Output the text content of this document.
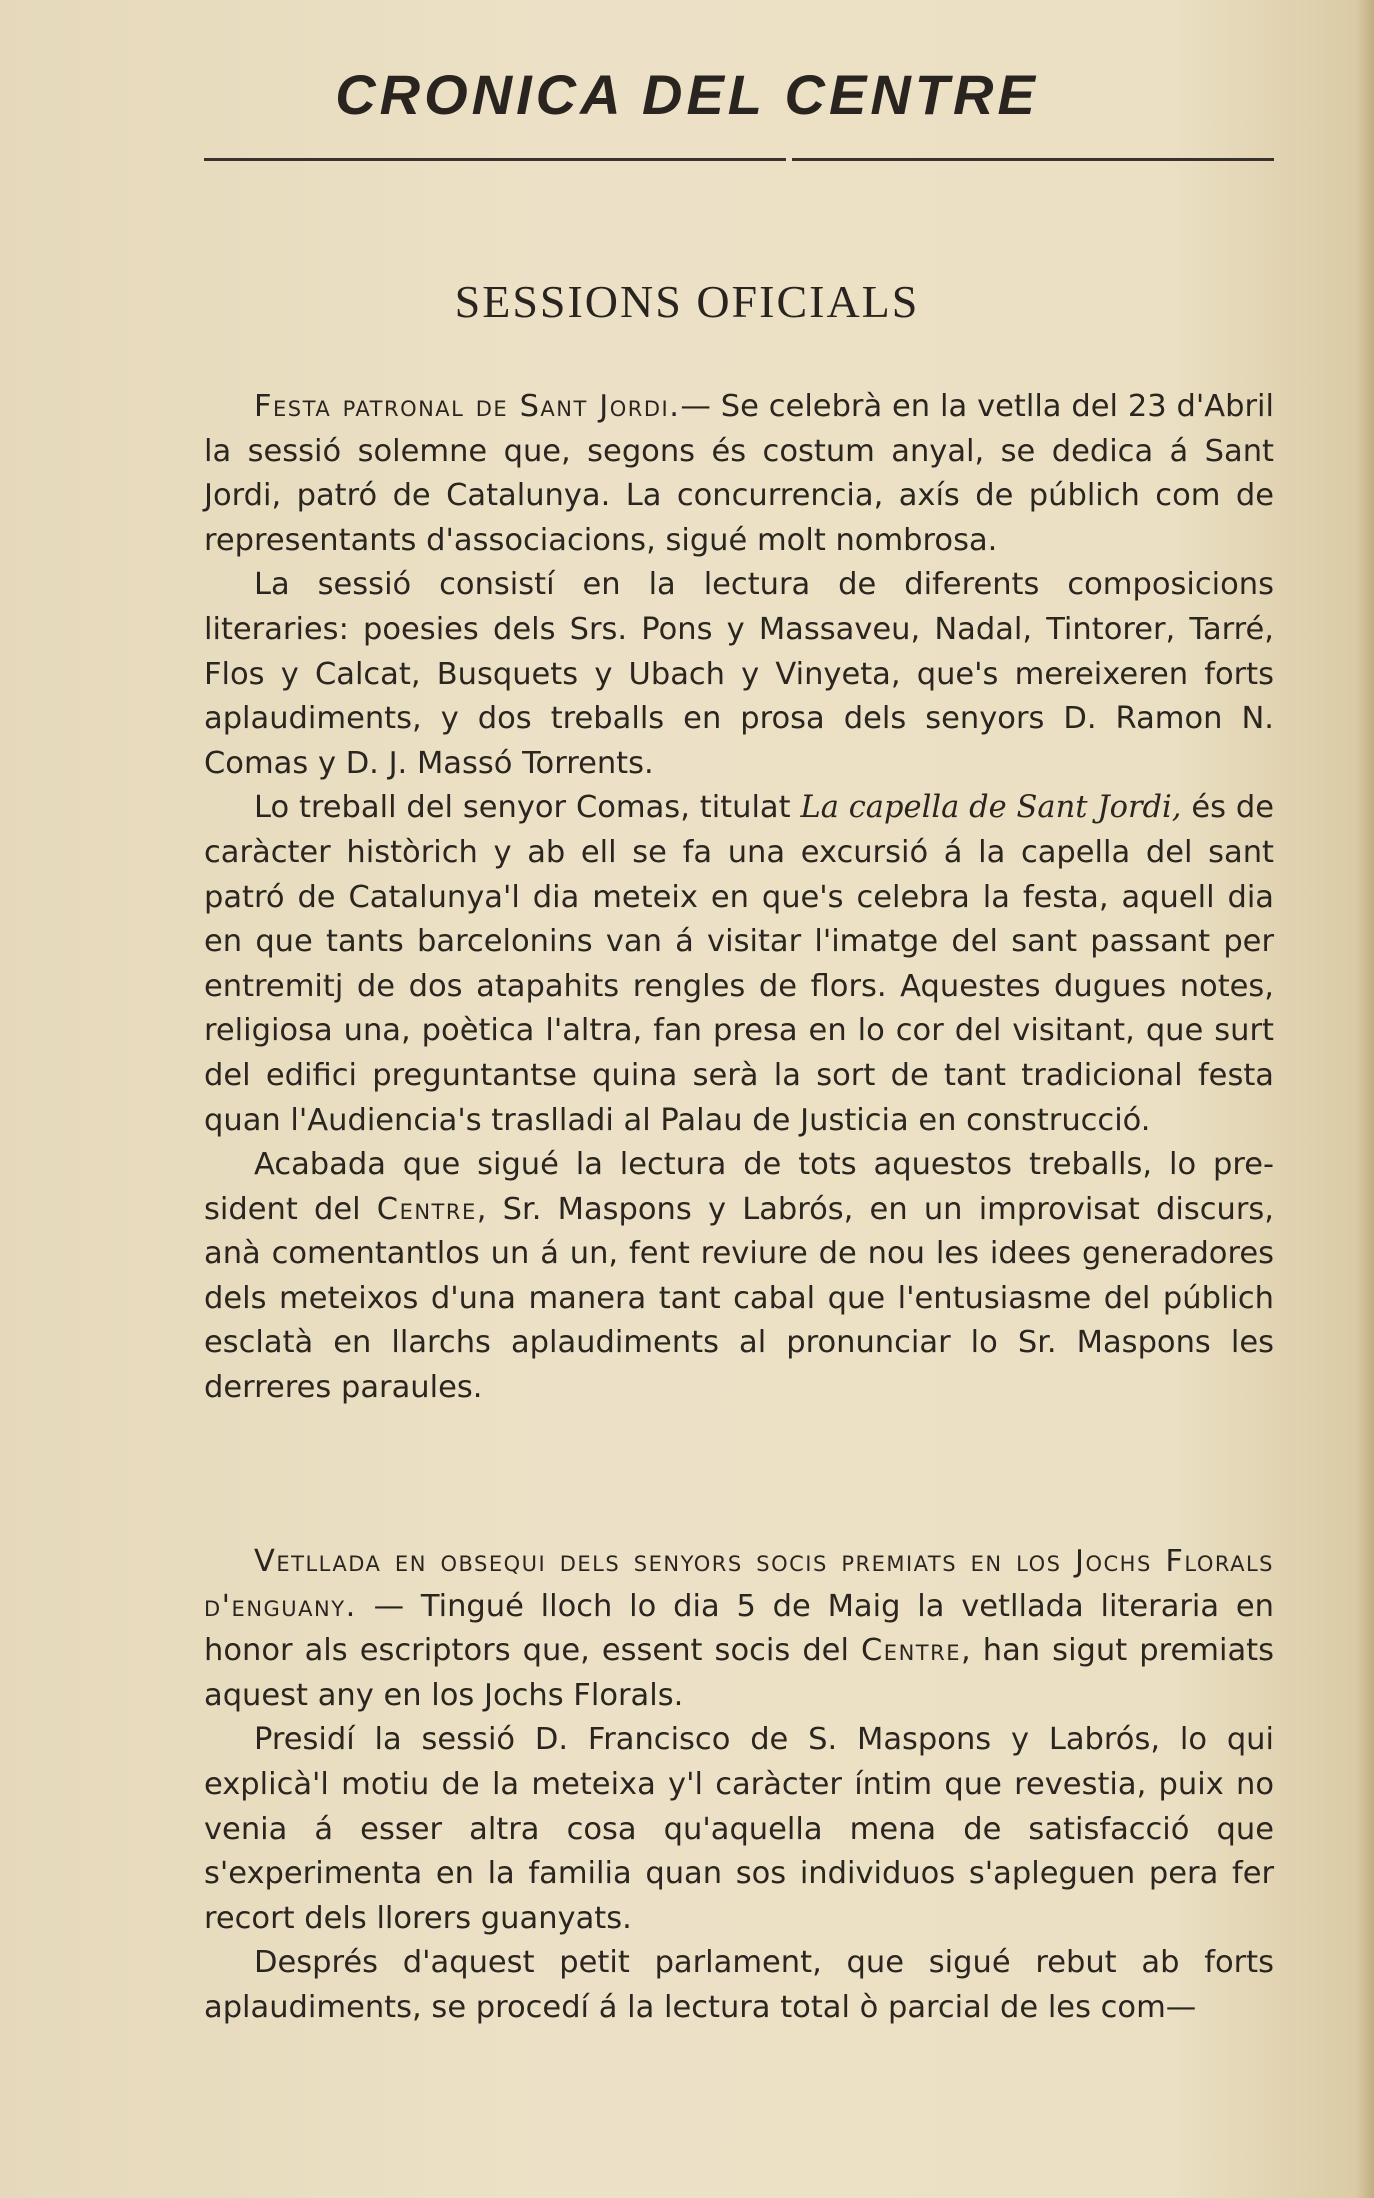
CRONICA DEL CENTRE
SESSIONS OFICIALS

Festa patronal de Sant Jordi.— Se celebrà en la vetlla del 23 d'Abril la sessió solemne que, segons és costum anyal, se dedica á Sant Jordi, patró de Catalunya. La concurrencia, axís de públich com de representants d'associacions, sigué molt nombrosa.

La sessió consistí en la lectura de diferents composicions literaries: poesies dels Srs. Pons y Massaveu, Nadal, Tintorer, Tarré, Flos y Calcat, Busquets y Ubach y Vinyeta, que's mereixeren forts aplaudiments, y dos treballs en prosa dels senyors D. Ramon N. Comas y D. J. Massó Torrents.

Lo treball del senyor Comas, titulat La capella de Sant Jordi, és de caràcter històrich y ab ell se fa una excursió á la capella del sant patró de Catalunya'l dia meteix en que's celebra la festa, aquell dia en que tants barcelonins van á visitar l'imatge del sant passant per entremitj de dos atapahits rengles de flors. Aquestes dugues notes, religiosa una, poètica l'altra, fan presa en lo cor del visitant, que surt del edifici preguntantse quina serà la sort de tant tradicional festa quan l'Audiencia's traslladi al Palau de Justicia en construcció.

Acabada que sigué la lectura de tots aquestos treballs, lo president del Centre, Sr. Maspons y Labrós, en un improvisat discurs, anà comentantlos un á un, fent reviure de nou les idees generadores dels meteixos d'una manera tant cabal que l'entusiasme del públich esclatà en llarchs aplaudiments al pronunciar lo Sr. Maspons les derreres paraules.

Vetllada en obsequi dels senyors socis premiats en los Jochs Florals d'enguany. — Tingué lloch lo dia 5 de Maig la vetllada literaria en honor als escriptors que, essent socis del Centre, han sigut premiats aquest any en los Jochs Florals.

Presidí la sessió D. Francisco de S. Maspons y Labrós, lo qui explicà'l motiu de la meteixa y'l caràcter íntim que revestia, puix no venia á esser altra cosa qu'aquella mena de satisfacció que s'experimenta en la familia quan sos individuos s'apleguen pera fer recort dels llorers guanyats.

Després d'aquest petit parlament, que sigué rebut ab forts aplaudiments, se procedí á la lectura total ò parcial de les com—
